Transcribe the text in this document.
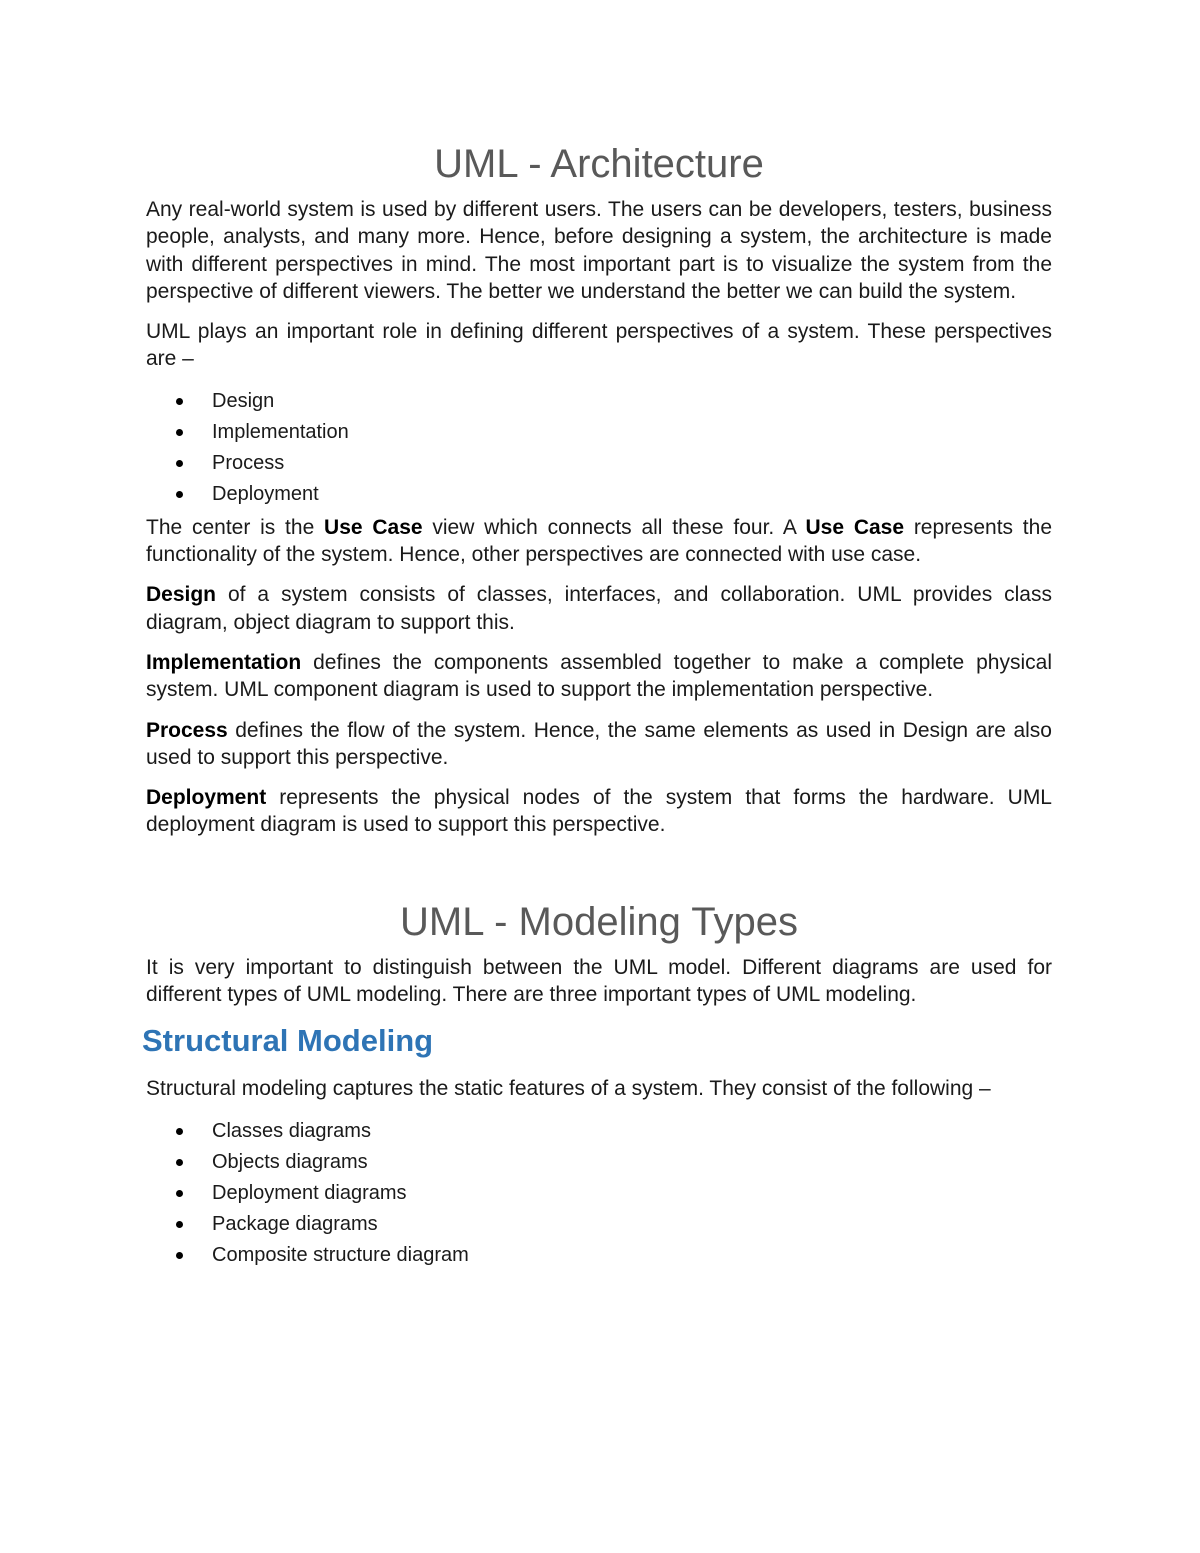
UML - Architecture

Any real-world system is used by different users. The users can be developers, testers, business people, analysts, and many more. Hence, before designing a system, the architecture is made with different perspectives in mind. The most important part is to visualize the system from the perspective of different viewers. The better we understand the better we can build the system.

UML plays an important role in defining different perspectives of a system. These perspectives are –

Design
Implementation
Process
Deployment

The center is the Use Case view which connects all these four. A Use Case represents the functionality of the system. Hence, other perspectives are connected with use case.

Design of a system consists of classes, interfaces, and collaboration. UML provides class diagram, object diagram to support this.

Implementation defines the components assembled together to make a complete physical system. UML component diagram is used to support the implementation perspective.

Process defines the flow of the system. Hence, the same elements as used in Design are also used to support this perspective.

Deployment represents the physical nodes of the system that forms the hardware. UML deployment diagram is used to support this perspective.

UML - Modeling Types

It is very important to distinguish between the UML model. Different diagrams are used for different types of UML modeling. There are three important types of UML modeling.

Structural Modeling

Structural modeling captures the static features of a system. They consist of the following –

Classes diagrams
Objects diagrams
Deployment diagrams
Package diagrams
Composite structure diagram
